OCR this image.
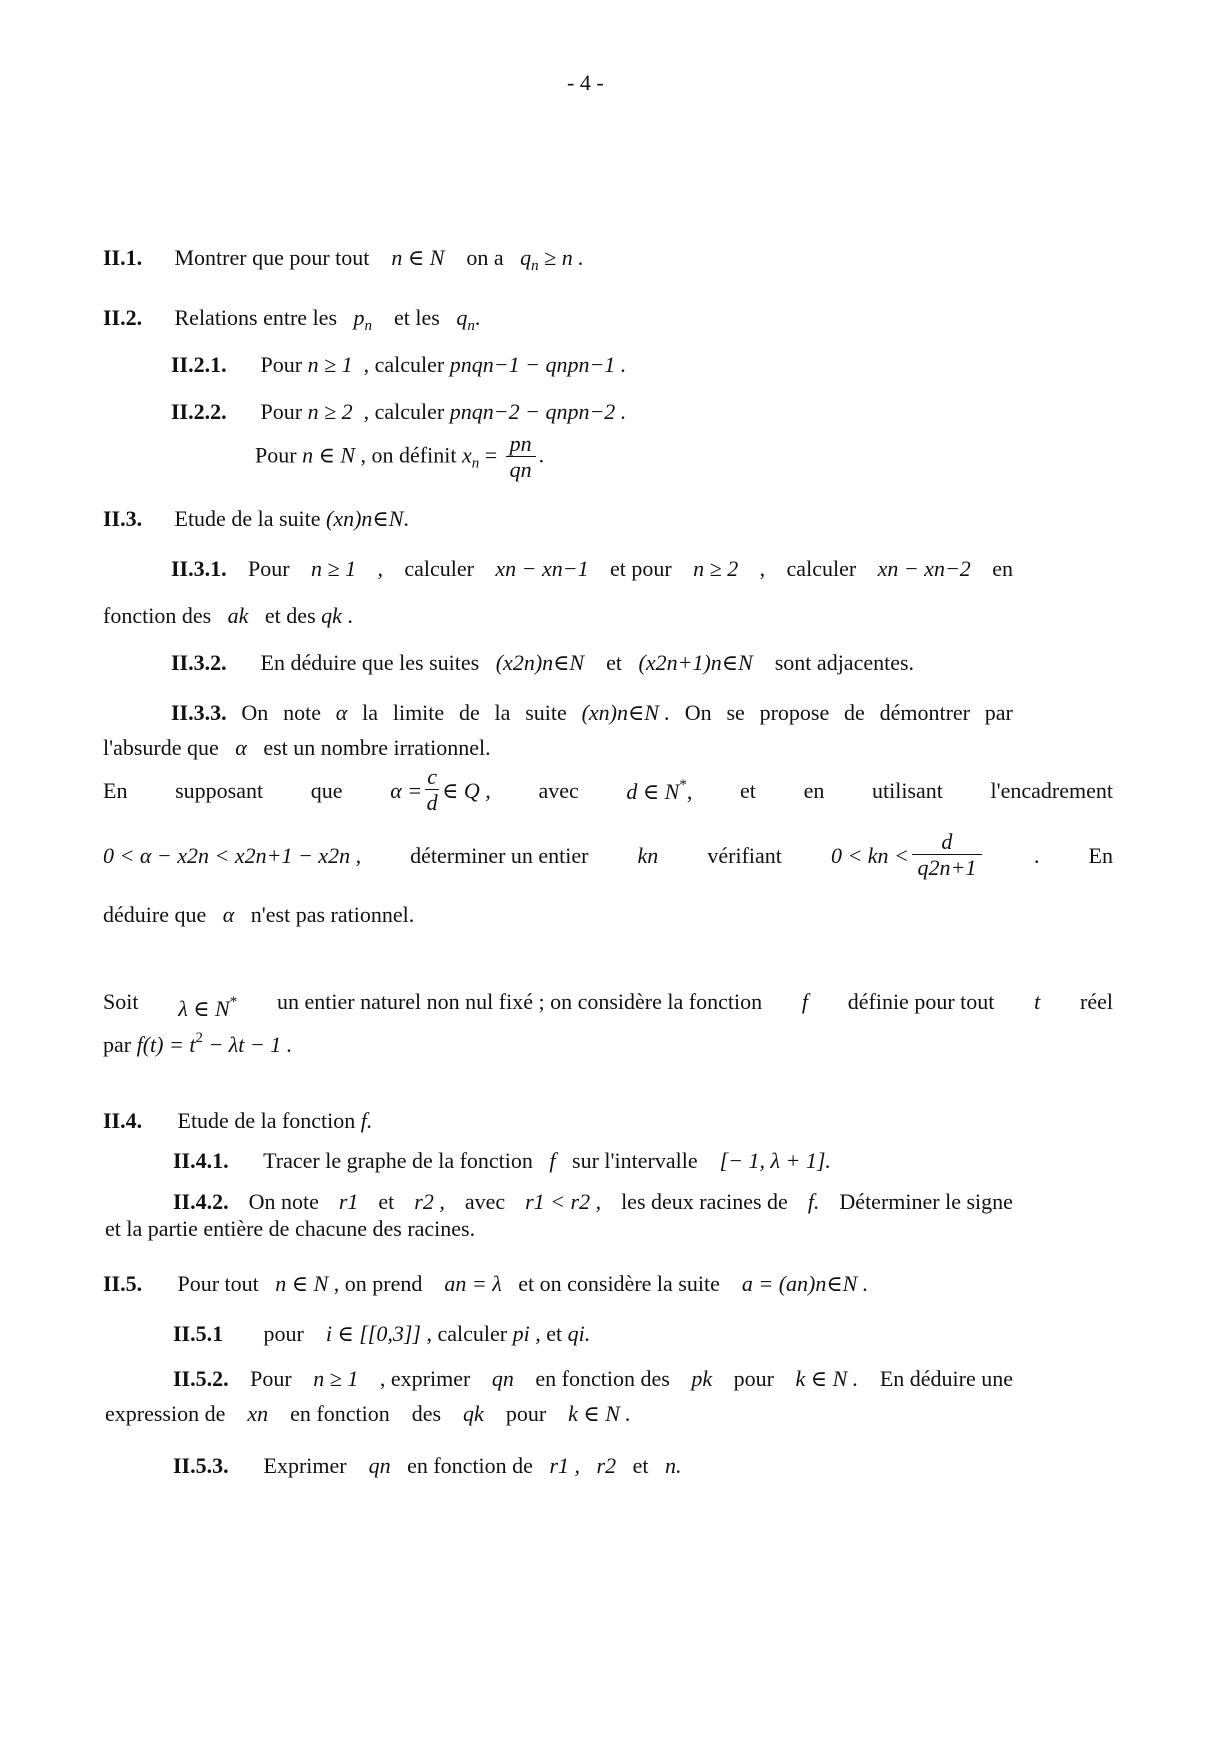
- 4 -
II.1. Montrer que pour tout n ∈ N on a $q_n \ge n$ .
II.2. Relations entre les $p_n$ et les $q_n$.
II.2.1. Pour n ≥ 1 , calculer pnqn−1 − qnpn−1 .
II.2.2. Pour n ≥ 2 , calculer pnqn−2 − qnpn−2 .
Pour n ∈ N , on définit $x_n = \frac{pn}{qn}$ .
II.3. Etude de la suite (xn)n∈N.
II.3.1. Pour n ≥ 1 , calculer xn − xn−1 et pour n ≥ 2 , calculer xn − xn−2 en
fonction des ak et des qk .
II.3.2. En déduire que les suites (x2n)n∈N et (x2n+1)n∈N sont adjacentes.
II.3.3. On note α la limite de la suite (xn)n∈N . On se propose de démontrer par
l'absurde que α est un nombre irrationnel.
En supposant que $\alpha = \frac{c}{d}$ ∈ Q , avec d ∈ N*, et en utilisant l'encadrement
0 < α − x2n < x2n+1 − x2n , déterminer un entier kn vérifiant 0 < kn < $\frac{d}{q2n+1}$ . En
déduire que α n'est pas rationnel.
Soit λ ∈ N* un entier naturel non nul fixé ; on considère la fonction f définie pour tout t réel
par $f(t) = t^2 - \lambda t - 1$ .
II.4. Etude de la fonction f.
II.4.1. Tracer le graphe de la fonction f sur l'intervalle [− 1, λ + 1].
II.4.2. On note r1 et r2 , avec r1 < r2 , les deux racines de f. Déterminer le signe
et la partie entière de chacune des racines.
II.5. Pour tout n ∈ N , on prend an = λ et on considère la suite a = (an)n∈N .
II.5.1 pour i ∈ [[0,3]] , calculer pi , et qi.
II.5.2. Pour n ≥ 1 , exprimer qn en fonction des pk pour k ∈ N . En déduire une
expression de xn en fonction des qk pour k ∈ N .
II.5.3. Exprimer qn en fonction de r1 , r2 et n.
